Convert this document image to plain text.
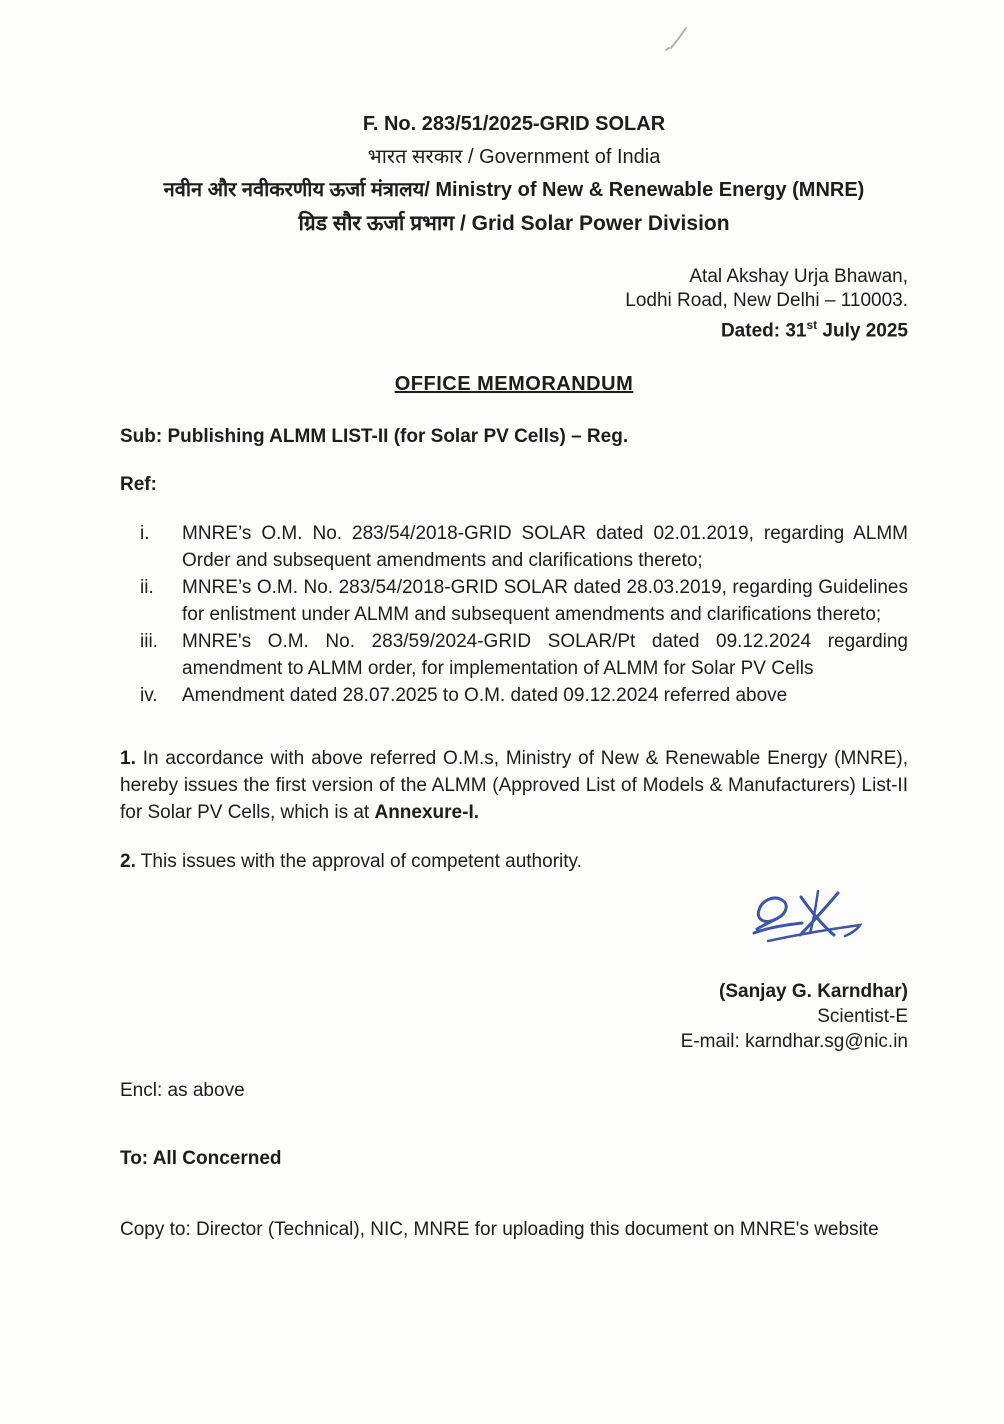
F. No. 283/51/2025-GRID SOLAR
भारत सरकार / Government of India
नवीन और नवीकरणीय ऊर्जा मंत्रालय/ Ministry of New & Renewable Energy (MNRE)
ग्रिड सौर ऊर्जा प्रभाग / Grid Solar Power Division
Atal Akshay Urja Bhawan,
Lodhi Road, New Delhi – 110003.
Dated: 31st July 2025
OFFICE MEMORANDUM
Sub: Publishing ALMM LIST-II (for Solar PV Cells) – Reg.
Ref:
i.	MNRE’s O.M. No. 283/54/2018-GRID SOLAR dated 02.01.2019, regarding ALMM Order and subsequent amendments and clarifications thereto;
ii.	MNRE’s O.M. No. 283/54/2018-GRID SOLAR dated 28.03.2019, regarding Guidelines for enlistment under ALMM and subsequent amendments and clarifications thereto;
iii.	MNRE's O.M. No. 283/59/2024-GRID SOLAR/Pt dated 09.12.2024 regarding amendment to ALMM order, for implementation of ALMM for Solar PV Cells
iv.	Amendment dated 28.07.2025 to O.M. dated 09.12.2024 referred above
1. In accordance with above referred O.M.s, Ministry of New & Renewable Energy (MNRE), hereby issues the first version of the ALMM (Approved List of Models & Manufacturers) List-II for Solar PV Cells, which is at Annexure-I.
2. This issues with the approval of competent authority.
(Sanjay G. Karndhar)
Scientist-E
E-mail: karndhar.sg@nic.in
Encl: as above
To: All Concerned
Copy to: Director (Technical), NIC, MNRE for uploading this document on MNRE's website
